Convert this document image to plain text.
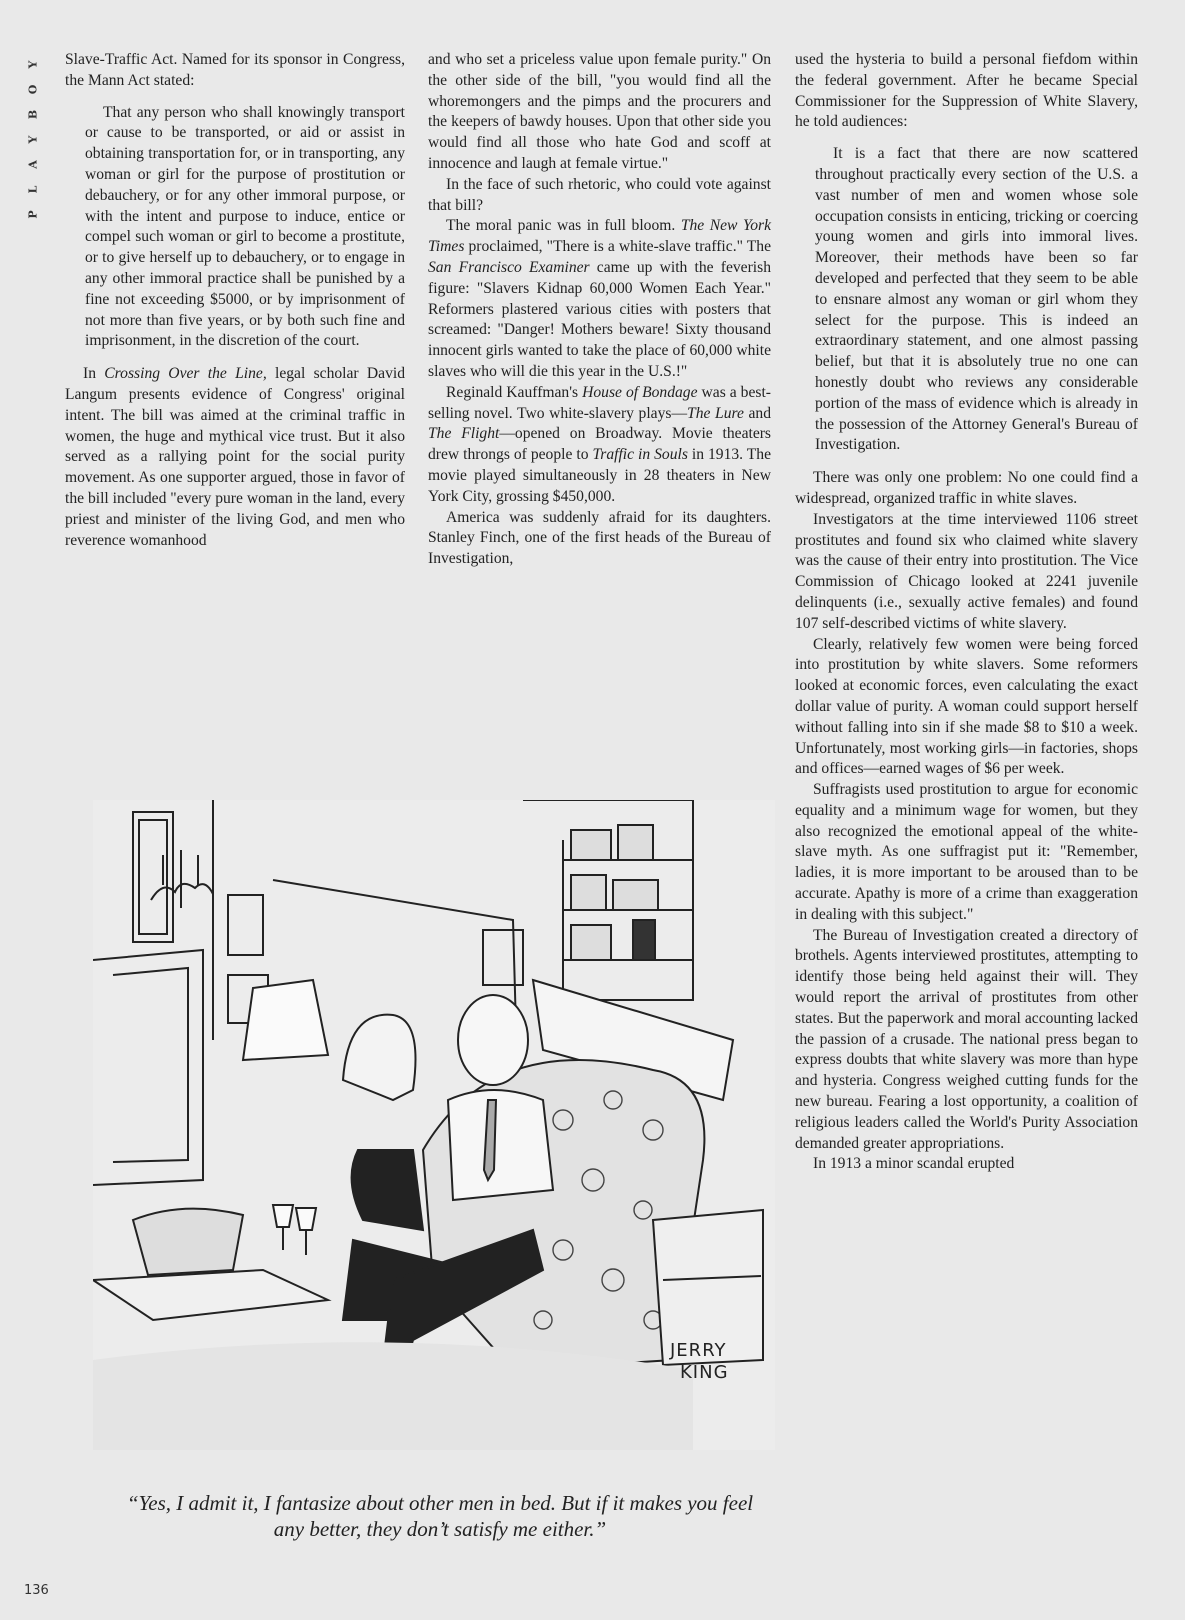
Y
O
B
Y
A
L
P

Slave-Traffic Act. Named for its sponsor in Congress, the Mann Act stated:

That any person who shall knowingly transport or cause to be transported, or aid or assist in obtaining transportation for, or in transporting, any woman or girl for the purpose of prostitution or debauchery, or for any other immoral purpose, or with the intent and purpose to induce, entice or compel such woman or girl to become a prostitute, or to give herself up to debauchery, or to engage in any other immoral practice shall be punished by a fine not exceeding $5000, or by imprisonment of not more than five years, or by both such fine and imprisonment, in the discretion of the court.

In Crossing Over the Line, legal scholar David Langum presents evidence of Congress' original intent. The bill was aimed at the criminal traffic in women, the huge and mythical vice trust. But it also served as a rallying point for the social purity movement. As one supporter argued, those in favor of the bill included "every pure woman in the land, every priest and minister of the living God, and men who reverence womanhood

and who set a priceless value upon female purity." On the other side of the bill, "you would find all the whoremongers and the pimps and the procurers and the keepers of bawdy houses. Upon that other side you would find all those who hate God and scoff at innocence and laugh at female virtue."

In the face of such rhetoric, who could vote against that bill?

The moral panic was in full bloom. The New York Times proclaimed, "There is a white-slave traffic." The San Francisco Examiner came up with the feverish figure: "Slavers Kidnap 60,000 Women Each Year." Reformers plastered various cities with posters that screamed: "Danger! Mothers beware! Sixty thousand innocent girls wanted to take the place of 60,000 white slaves who will die this year in the U.S.!"

Reginald Kauffman's House of Bondage was a best-selling novel. Two white-slavery plays—The Lure and The Flight—opened on Broadway. Movie theaters drew throngs of people to Traffic in Souls in 1913. The movie played simultaneously in 28 theaters in New York City, grossing $450,000.

America was suddenly afraid for its daughters. Stanley Finch, one of the first heads of the Bureau of Investigation,

used the hysteria to build a personal fiefdom within the federal government. After he became Special Commissioner for the Suppression of White Slavery, he told audiences:

It is a fact that there are now scattered throughout practically every section of the U.S. a vast number of men and women whose sole occupation consists in enticing, tricking or coercing young women and girls into immoral lives. Moreover, their methods have been so far developed and perfected that they seem to be able to ensnare almost any woman or girl whom they select for the purpose. This is indeed an extraordinary statement, and one almost passing belief, but that it is absolutely true no one can honestly doubt who reviews any considerable portion of the mass of evidence which is already in the possession of the Attorney General's Bureau of Investigation.

There was only one problem: No one could find a widespread, organized traffic in white slaves.

Investigators at the time interviewed 1106 street prostitutes and found six who claimed white slavery was the cause of their entry into prostitution. The Vice Commission of Chicago looked at 2241 juvenile delinquents (i.e., sexually active females) and found 107 self-described victims of white slavery.

Clearly, relatively few women were being forced into prostitution by white slavers. Some reformers looked at economic forces, even calculating the exact dollar value of purity. A woman could support herself without falling into sin if she made $8 to $10 a week. Unfortunately, most working girls—in factories, shops and offices—earned wages of $6 per week.

Suffragists used prostitution to argue for economic equality and a minimum wage for women, but they also recognized the emotional appeal of the white-slave myth. As one suffragist put it: "Remember, ladies, it is more important to be aroused than to be accurate. Apathy is more of a crime than exaggeration in dealing with this subject."

The Bureau of Investigation created a directory of brothels. Agents interviewed prostitutes, attempting to identify those being held against their will. They would report the arrival of prostitutes from other states. But the paperwork and moral accounting lacked the passion of a crusade. The national press began to express doubts that white slavery was more than hype and hysteria. Congress weighed cutting funds for the new bureau. Fearing a lost opportunity, a coalition of religious leaders called the World's Purity Association demanded greater appropriations.

In 1913 a minor scandal erupted

JERRY
KING
“Yes, I admit it, I fantasize about other men in bed. But if it makes you feel any better, they don’t satisfy me either.”
136
